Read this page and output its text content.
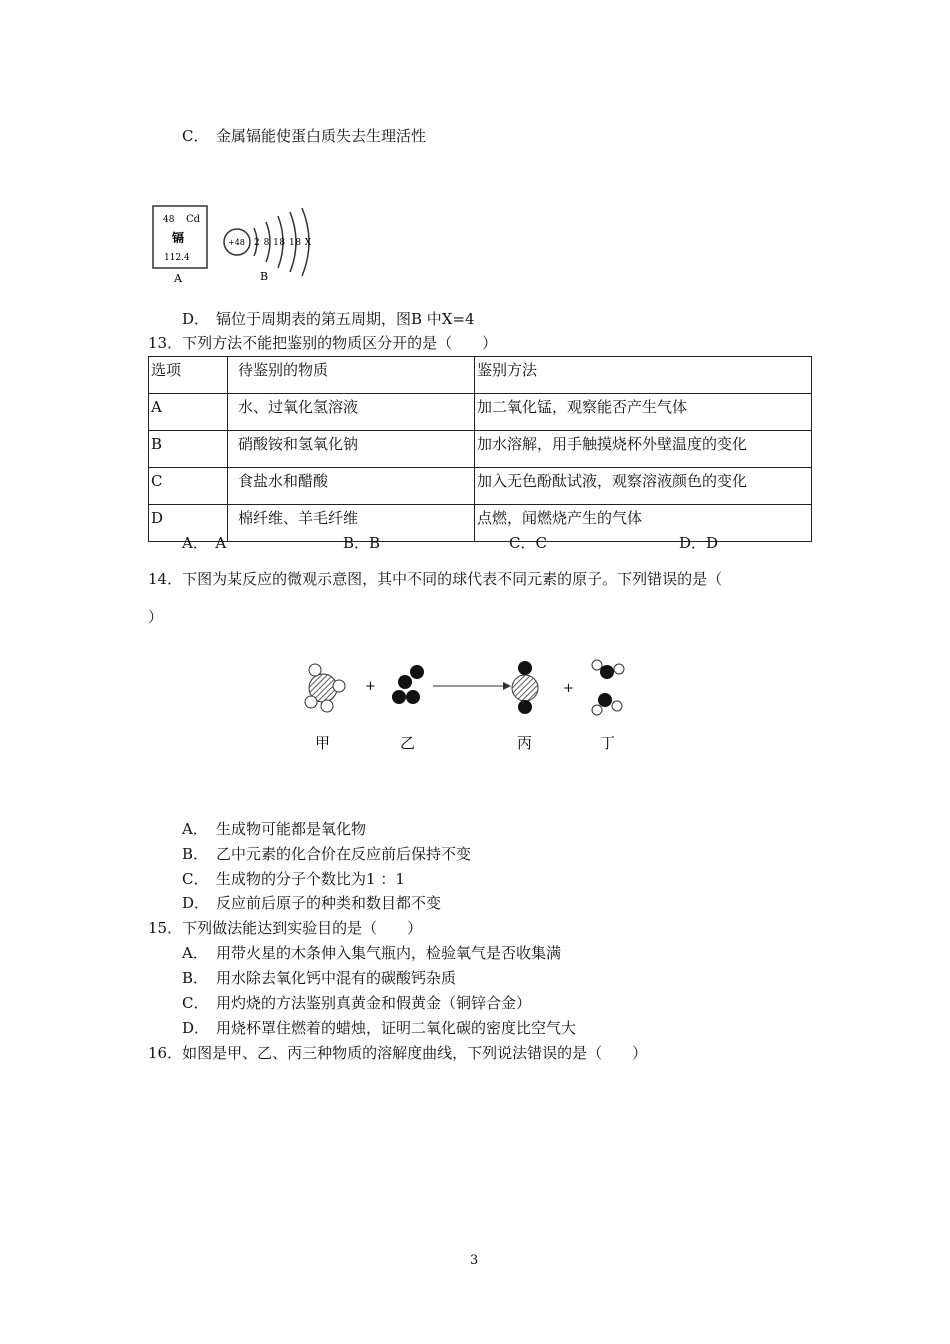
C． 金属镉能使蛋白质失去生理活性
48 Cd
镉
112.4
A
+48 2 8 18 18 X
B
D． 镉位于周期表的第五周期，图B 中X=4
13．下列方法不能把鉴别的物质区分开的是（　　）
选项	待鉴别的物质	鉴别方法
A	水、过氧化氢溶液	加二氧化锰，观察能否产生气体
B	硝酸铵和氢氧化钠	加水溶解，用手触摸烧杯外壁温度的变化
C	食盐水和醋酸	加入无色酚酞试液，观察溶液颜色的变化
D	棉纤维、羊毛纤维	点燃，闻燃烧产生的气体
A．　A	B．B	C．C	D．D
14．下图为某反应的微观示意图，其中不同的球代表不同元素的原子。下列错误的是（
）
+	+
甲	乙	丙	丁
A． 生成物可能都是氧化物
B． 乙中元素的化合价在反应前后保持不变
C． 生成物的分子个数比为1 ：1
D． 反应前后原子的种类和数目都不变
15．下列做法能达到实验目的是（　　）
A． 用带火星的木条伸入集气瓶内，检验氧气是否收集满
B． 用水除去氧化钙中混有的碳酸钙杂质
C． 用灼烧的方法鉴别真黄金和假黄金（铜锌合金）
D． 用烧杯罩住燃着的蜡烛，证明二氧化碳的密度比空气大
16．如图是甲、乙、丙三种物质的溶解度曲线，下列说法错误的是（　　）
3
